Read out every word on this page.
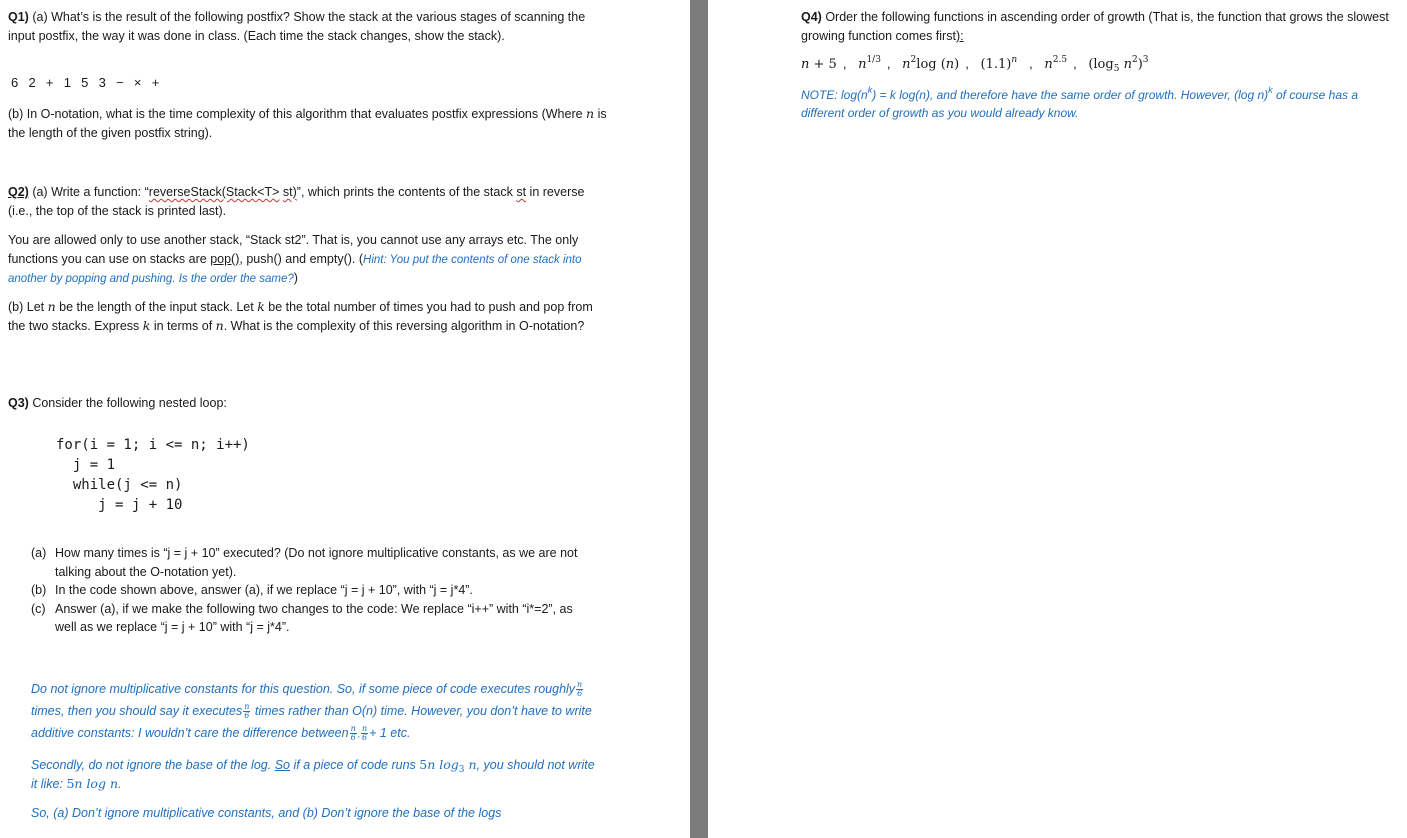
Q1) (a) What’s is the result of the following postfix? Show the stack at the various stages of scanning the input postfix, the way it was done in class. (Each time the stack changes, show the stack).
6  2  +  1  5  3  −  ×  +
(b) In O-notation, what is the time complexity of this algorithm that evaluates postfix expressions (Where n is the length of the given postfix string).
Q2) (a) Write a function: “reverseStack(Stack<T> st)”, which prints the contents of the stack st in reverse (i.e., the top of the stack is printed last).
You are allowed only to use another stack, “Stack st2”. That is, you cannot use any arrays etc. The only functions you can use on stacks are pop(), push() and empty(). (Hint: You put the contents of one stack into another by popping and pushing. Is the order the same?)
(b) Let n be the length of the input stack. Let k be the total number of times you had to push and pop from the two stacks. Express k in terms of n. What is the complexity of this reversing algorithm in O-notation?
Q3) Consider the following nested loop:
for(i = 1; i <= n; i++)
j = 1
while(j <= n)
j = j + 10
(a) How many times is “j = j + 10” executed? (Do not ignore multiplicative constants, as we are not talking about the O-notation yet).
(b) In the code shown above, answer (a), if we replace “j = j + 10”, with “j = j*4”.
(c) Answer (a), if we make the following two changes to the code: We replace “i++” with “i*=2”, as well as we replace “j = j + 10” with “j = j*4”.
Do not ignore multiplicative constants for this question. So, if some piece of code executes roughly $\frac{n}{6}$
times, then you should say it executes $\frac{n}{6}$ times rather than O(n) time. However, you don’t have to write additive constants: I wouldn’t care the difference between $\frac{n}{6}$ , $\frac{n}{6} + 1$ etc.
Secondly, do not ignore the base of the log. So if a piece of code runs 5n $\log_3 n$, you should not write it like: 5n log n.
So, (a) Don’t ignore multiplicative constants, and (b) Don’t ignore the base of the logs
Q4) Order the following functions in ascending order of growth (That is, the function that grows the slowest growing function comes first):
n + 5 , $n^{1/3}$ , $n^2\log$ (n) , $(1.1)^n$ , $n^{2.5}$ , ($\log_5$ $n^2)^3$
NOTE: $\log(n^k) = k$ log(n), and therefore have the same order of growth. However, (log n)$^k$ of course has a different order of growth as you would already know.
